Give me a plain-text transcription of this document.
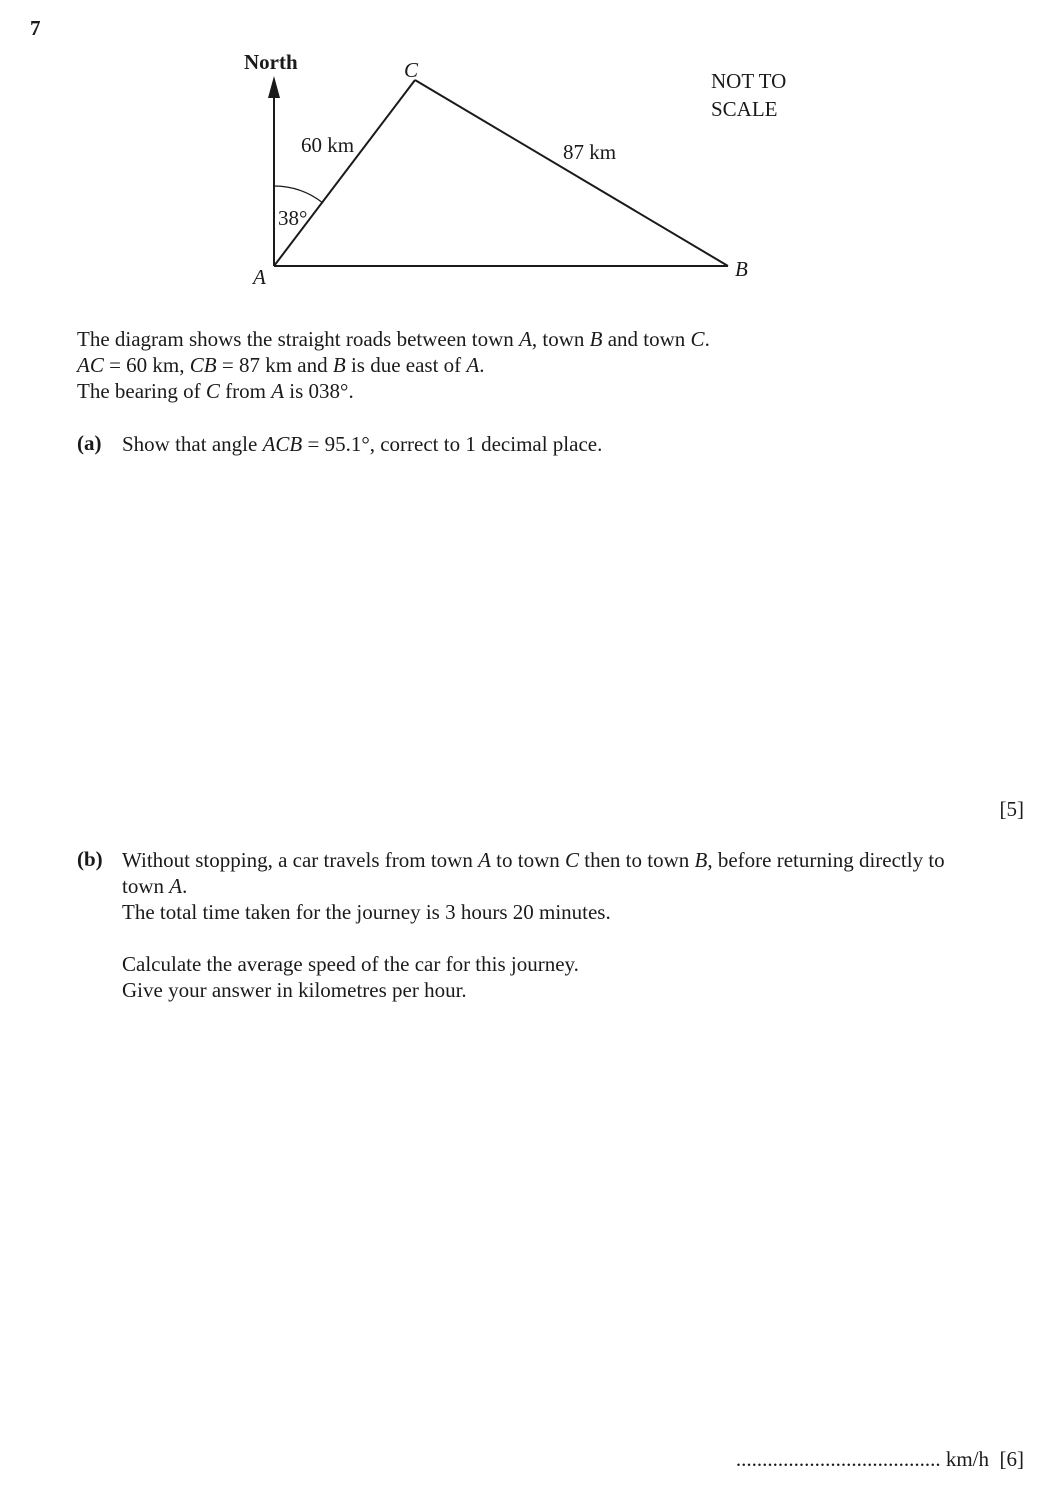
7
North	C
A	B
60 km	87 km
38°
NOT TO
SCALE
The diagram shows the straight roads between town A, town B and town C.
AC = 60 km, CB = 87 km and B is due east of A.
The bearing of C from A is 038°.
(a) Show that angle ACB = 95.1°, correct to 1 decimal place.
[5]
(b) Without stopping, a car travels from town A to town C then to town B, before returning directly to
town A.
The total time taken for the journey is 3 hours 20 minutes.
Calculate the average speed of the car for this journey.
Give your answer in kilometres per hour.
....................................... km/h [6]
